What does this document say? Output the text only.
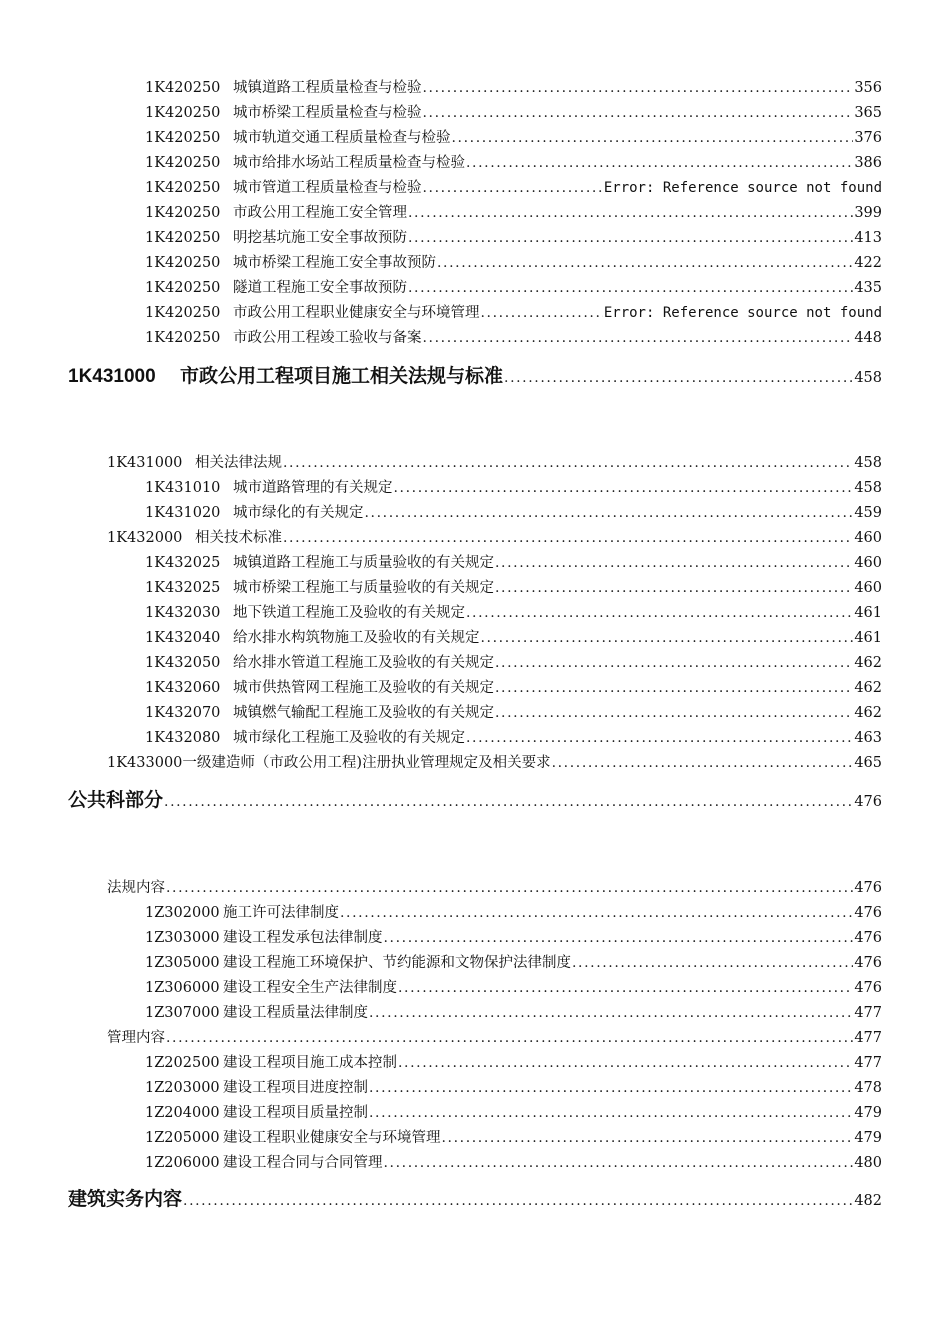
1K420250 城镇道路工程质量检查与检验 .....	356
1K420250 城市桥梁工程质量检查与检验 .....	365
1K420250 城市轨道交通工程质量检查与检验 .....	376
1K420250 城市给排水场站工程质量检查与检验 .....	386
1K420250 城市管道工程质量检查与检验 .....	Error: Reference source not found
1K420250 市政公用工程施工安全管理 .....	399
1K420250 明挖基坑施工安全事故预防 .....	413
1K420250 城市桥梁工程施工安全事故预防 .....	422
1K420250 隧道工程施工安全事故预防 .....	435
1K420250 市政公用工程职业健康安全与环境管理 .....	Error: Reference source not found
1K420250 市政公用工程竣工验收与备案 .....	448
1K431000	市政公用工程项目施工相关法规与标准 .....	458
1K431000 相关法律法规 .....	458
1K431010 城市道路管理的有关规定 .....	458
1K431020 城市绿化的有关规定 .....	459
1K432000 相关技术标准 .....	460
1K432025 城镇道路工程施工与质量验收的有关规定 .....	460
1K432025 城市桥梁工程施工与质量验收的有关规定 .....	460
1K432030 地下铁道工程施工及验收的有关规定 .....	461
1K432040 给水排水构筑物施工及验收的有关规定 .....	461
1K432050 给水排水管道工程施工及验收的有关规定 .....	462
1K432060 城市供热管网工程施工及验收的有关规定 .....	462
1K432070 城镇燃气输配工程施工及验收的有关规定 .....	462
1K432080 城市绿化工程施工及验收的有关规定 .....	463
1K433000 一级建造师（市政公用工程)注册执业管理规定及相关要求 .....	465
公共科部分 .....	476
法规内容 .....	476
1Z302000 施工许可法律制度 .....	476
1Z303000 建设工程发承包法律制度 .....	476
1Z305000 建设工程施工环境保护、节约能源和文物保护法律制度 .....	476
1Z306000 建设工程安全生产法律制度 .....	476
1Z307000 建设工程质量法律制度 .....	477
管理内容 .....	477
1Z202500 建设工程项目施工成本控制 .....	477
1Z203000 建设工程项目进度控制 .....	478
1Z204000 建设工程项目质量控制 .....	479
1Z205000 建设工程职业健康安全与环境管理 .....	479
1Z206000 建设工程合同与合同管理 .....	480
建筑实务内容 .....	482
